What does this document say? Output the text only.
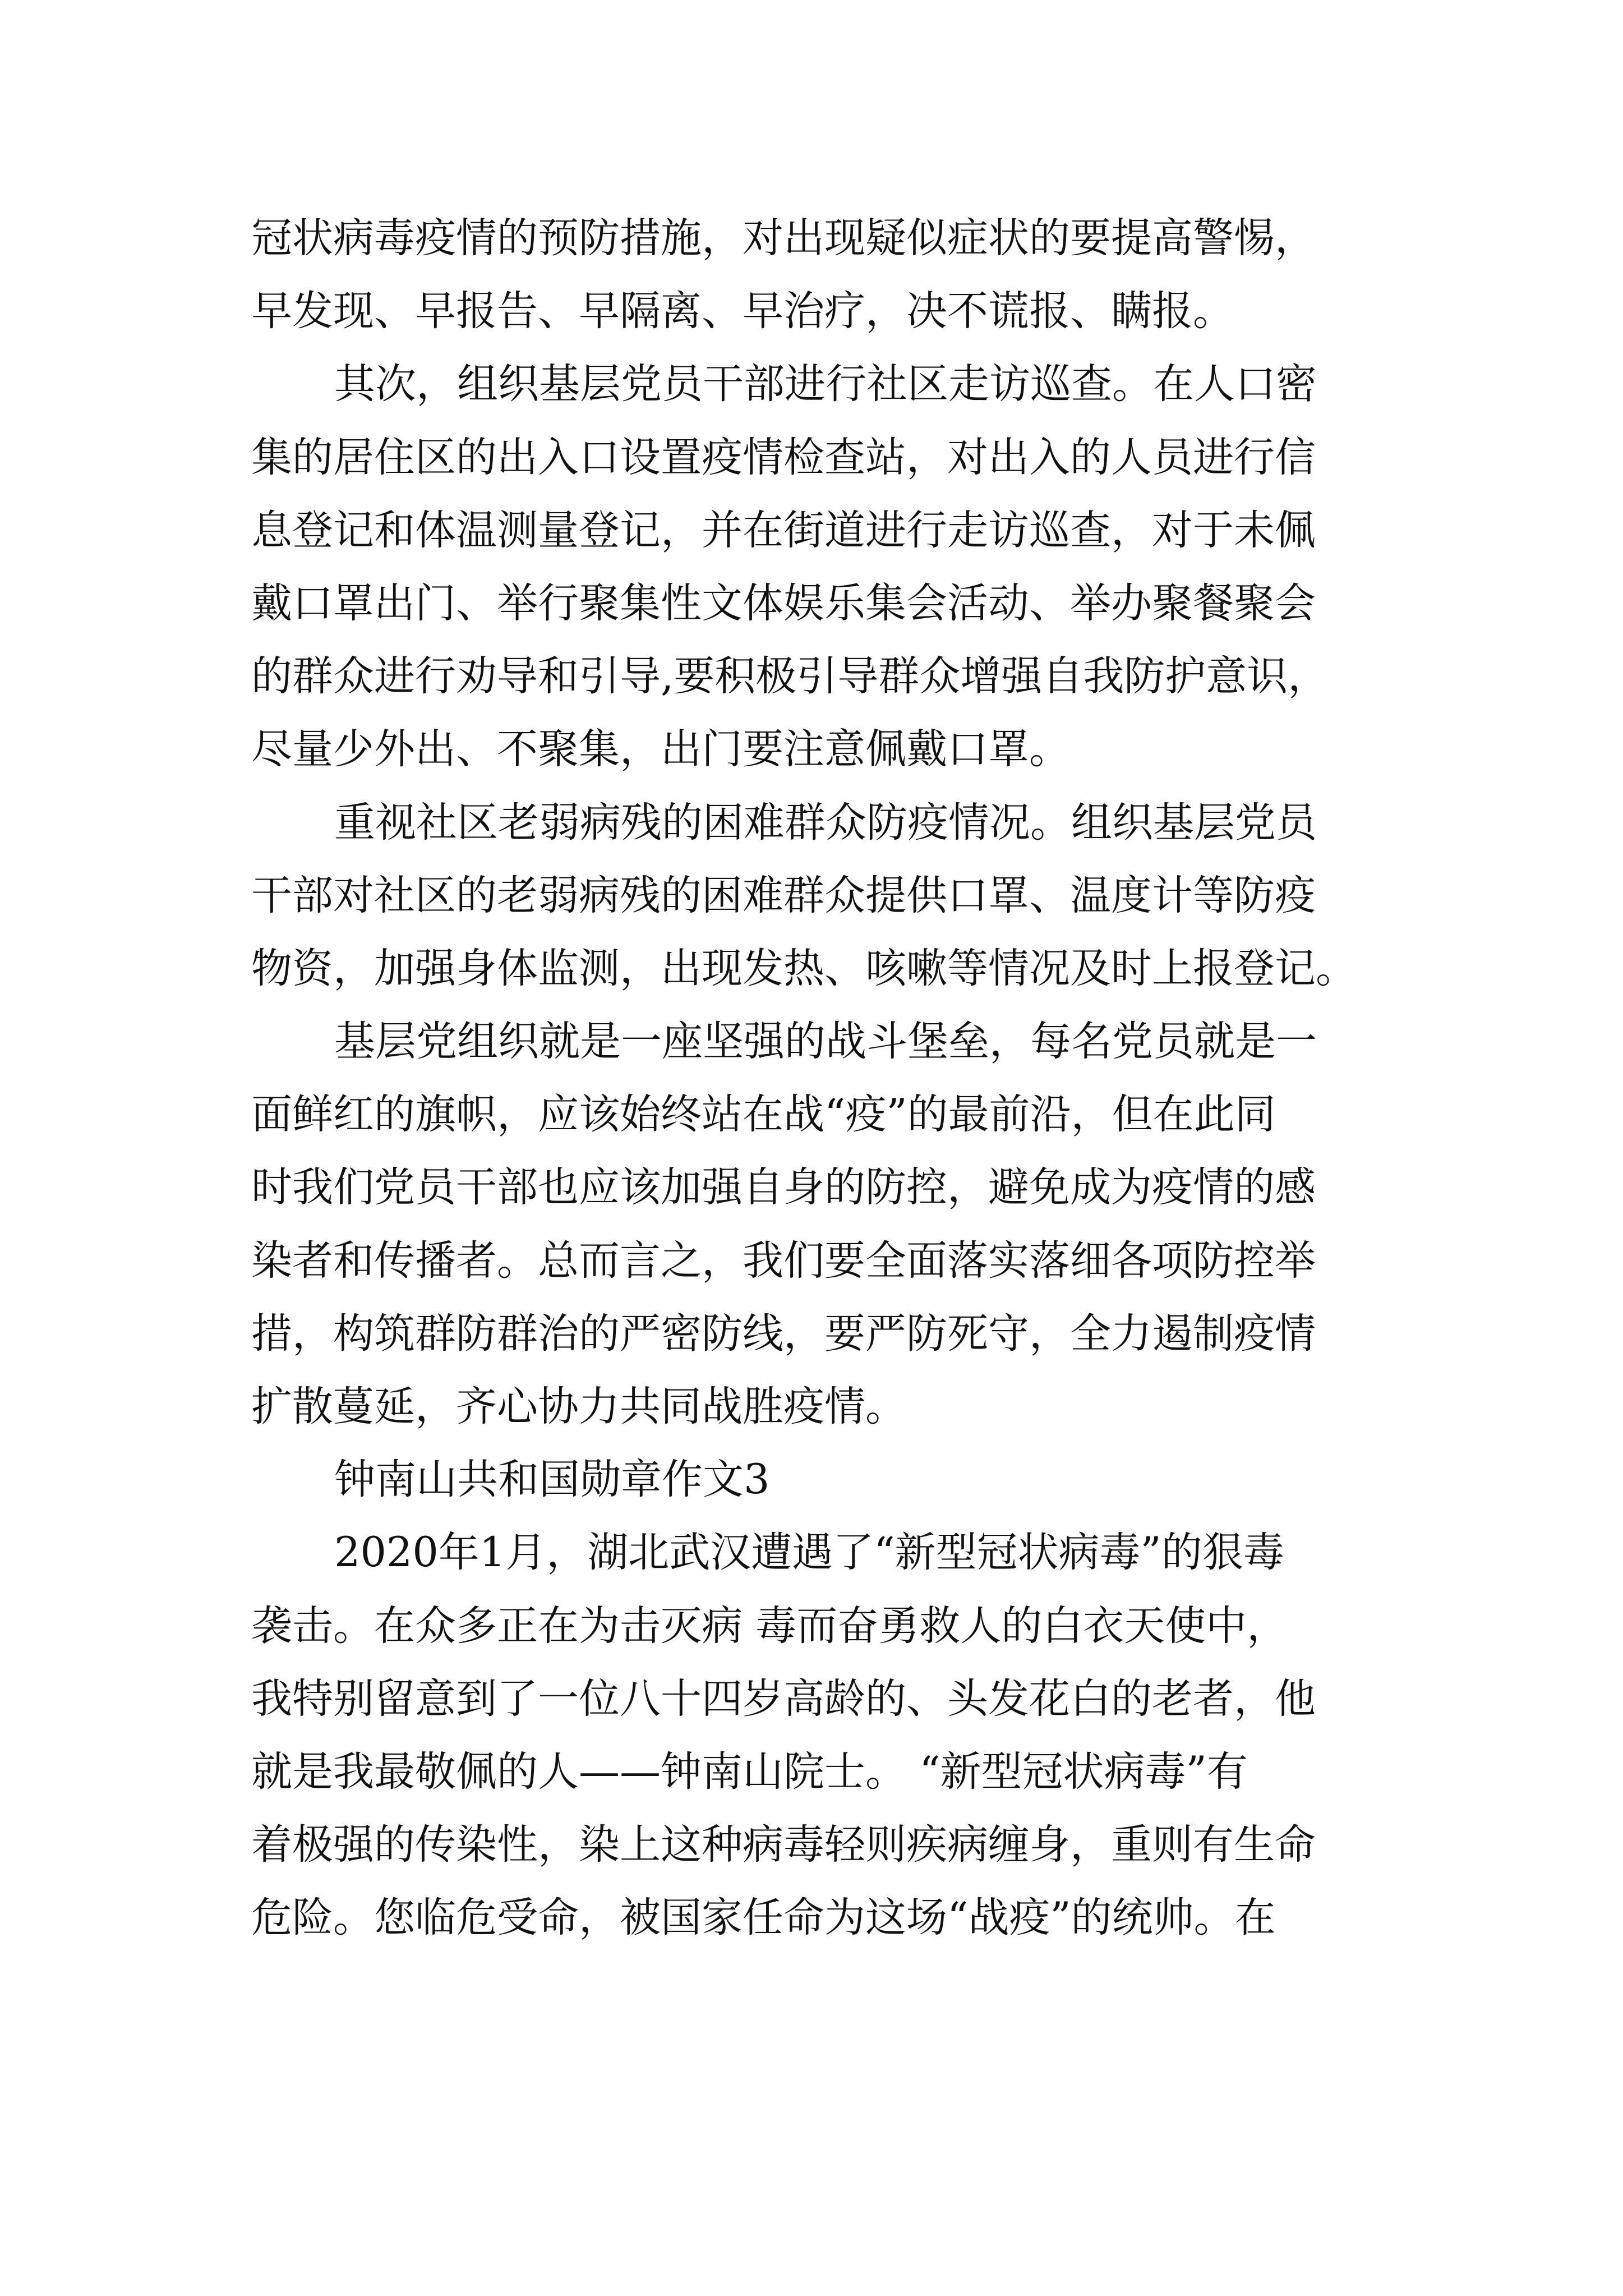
冠状病毒疫情的预防措施，对出现疑似症状的要提高警惕，
早发现、早报告、早隔离、早治疗，决不谎报、瞒报。
其次，组织基层党员干部进行社区走访巡查。在人口密
集的居住区的出入口设置疫情检查站，对出入的人员进行信
息登记和体温测量登记，并在街道进行走访巡查，对于未佩
戴口罩出门、举行聚集性文体娱乐集会活动、举办聚餐聚会
的群众进行劝导和引导,要积极引导群众增强自我防护意识，
尽量少外出、不聚集，出门要注意佩戴口罩。
重视社区老弱病残的困难群众防疫情况。组织基层党员
干部对社区的老弱病残的困难群众提供口罩、温度计等防疫
物资，加强身体监测，出现发热、咳嗽等情况及时上报登记。
基层党组织就是一座坚强的战斗堡垒，每名党员就是一
面鲜红的旗帜，应该始终站在战“疫”的最前沿，但在此同
时我们党员干部也应该加强自身的防控，避免成为疫情的感
染者和传播者。总而言之，我们要全面落实落细各项防控举
措，构筑群防群治的严密防线，要严防死守，全力遏制疫情
扩散蔓延，齐心协力共同战胜疫情。
钟南山共和国勋章作文3
2020年1月，湖北武汉遭遇了“新型冠状病毒”的狠毒
袭击。在众多正在为击灭病 毒而奋勇救人的白衣天使中，
我特别留意到了一位八十四岁高龄的、头发花白的老者，他
就是我最敬佩的人——钟南山院士。 “新型冠状病毒”有
着极强的传染性，染上这种病毒轻则疾病缠身，重则有生命
危险。您临危受命，被国家任命为这场“战疫”的统帅。在
